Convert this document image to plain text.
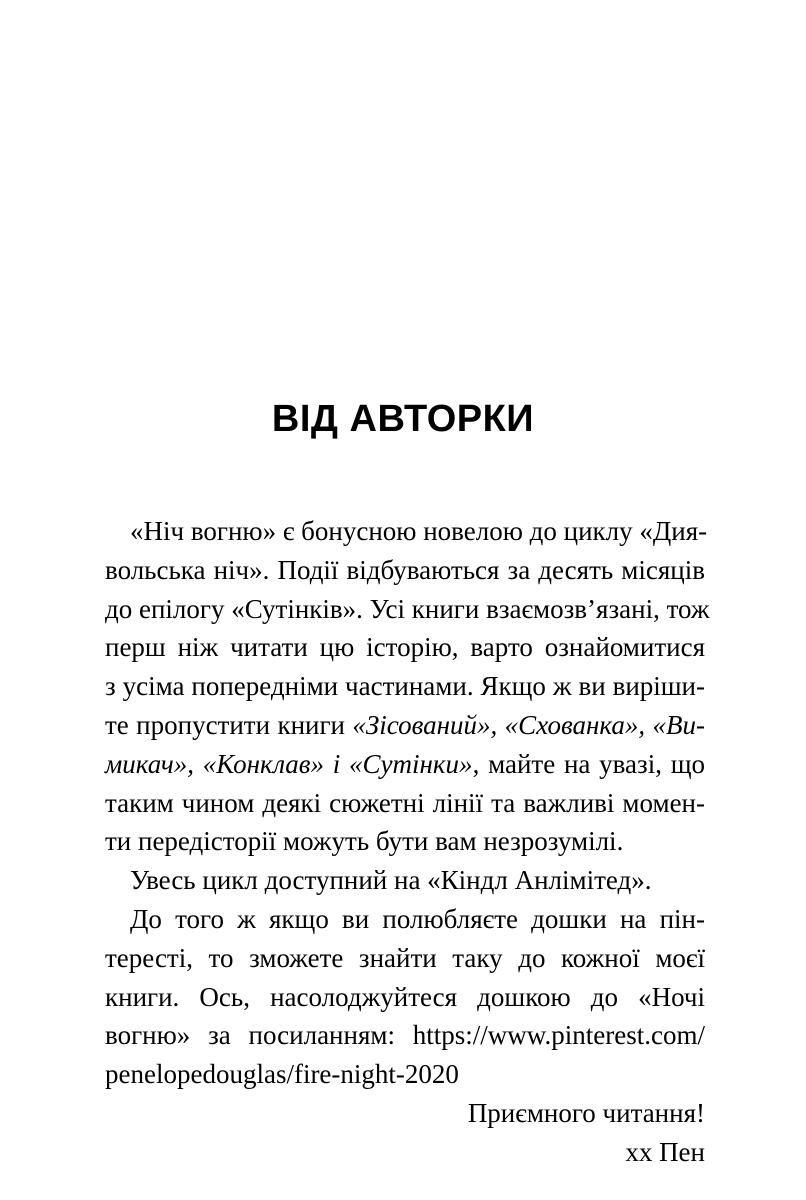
ВІД АВТОРКИ
«Ніч вогню» є бонусною новелою до циклу «Дия-
вольська ніч». Події відбуваються за десять місяців
до епілогу «Сутінків». Усі книги взаємозв’язані, тож
перш ніж читати цю історію, варто ознайомитися
з усіма попередніми частинами. Якщо ж ви виріши-
те пропустити книги «Зісований», «Схованка», «Ви-
микач», «Конклав» і «Сутінки», майте на увазі, що
таким чином деякі сюжетні лінії та важливі момен-
ти передісторії можуть бути вам незрозумілі.

Увесь цикл доступний на «Кіндл Анлімітед».

До того ж якщо ви полюбляєте дошки на пін-
тересті, то зможете знайти таку до кожної моєї
книги. Ось, насолоджуйтеся дошкою до «Ночі
вогню» за посиланням: https://www.pinterest.com/
penelopedouglas/fire-night-2020

Приємного читання!

хх Пен
